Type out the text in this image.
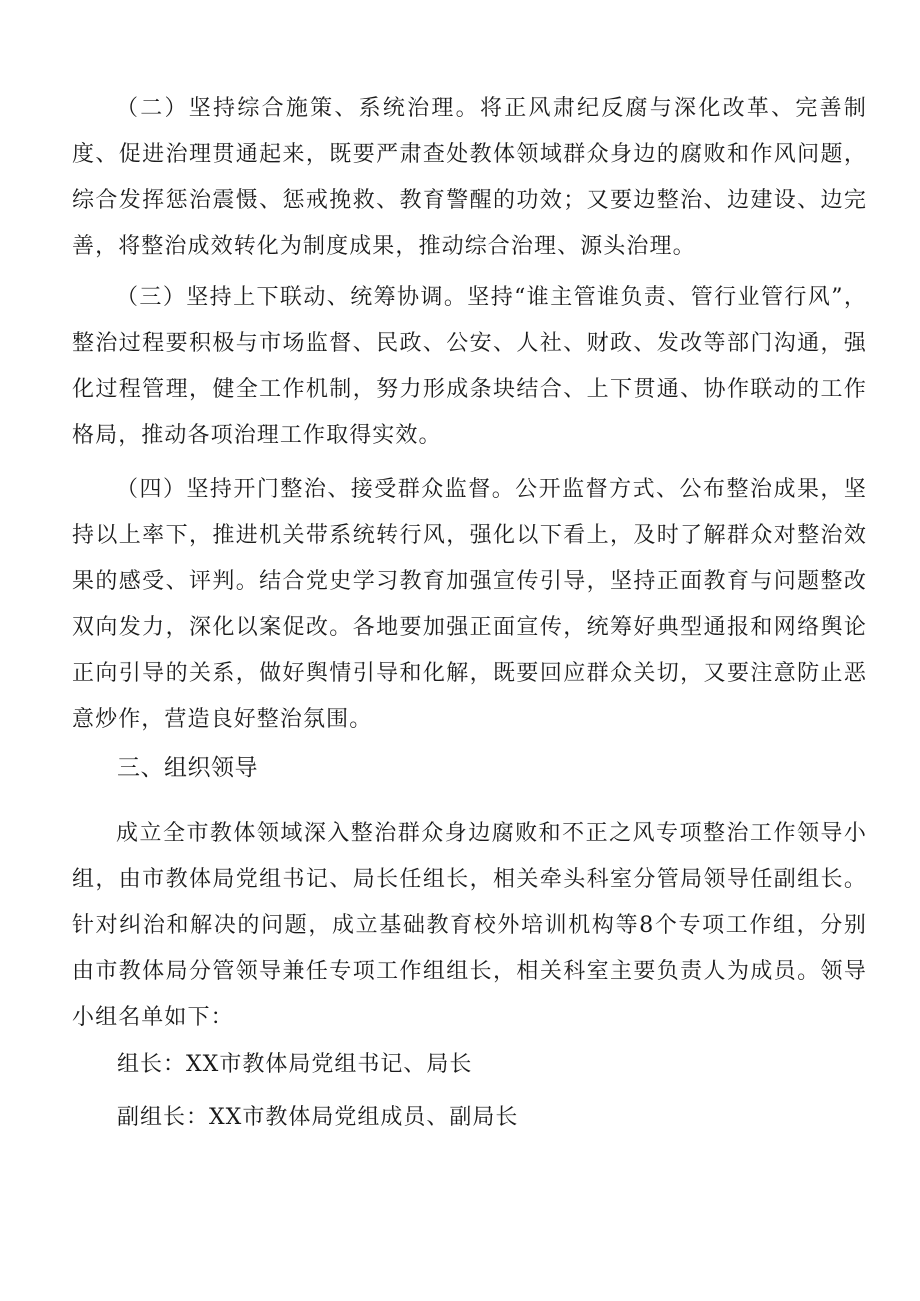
（二）坚持综合施策、系统治理。将正风肃纪反腐与深化改革、完善制度、促进治理贯通起来，既要严肃查处教体领域群众身边的腐败和作风问题，综合发挥惩治震慑、惩戒挽救、教育警醒的功效；又要边整治、边建设、边完善，将整治成效转化为制度成果，推动综合治理、源头治理。

（三）坚持上下联动、统筹协调。坚持“谁主管谁负责、管行业管行风”，整治过程要积极与市场监督、民政、公安、人社、财政、发改等部门沟通，强化过程管理，健全工作机制，努力形成条块结合、上下贯通、协作联动的工作格局，推动各项治理工作取得实效。

（四）坚持开门整治、接受群众监督。公开监督方式、公布整治成果，坚持以上率下，推进机关带系统转行风，强化以下看上，及时了解群众对整治效果的感受、评判。结合党史学习教育加强宣传引导，坚持正面教育与问题整改双向发力，深化以案促改。各地要加强正面宣传，统筹好典型通报和网络舆论正向引导的关系，做好舆情引导和化解，既要回应群众关切，又要注意防止恶意炒作，营造良好整治氛围。

三、组织领导

成立全市教体领域深入整治群众身边腐败和不正之风专项整治工作领导小组，由市教体局党组书记、局长任组长，相关牵头科室分管局领导任副组长。针对纠治和解决的问题，成立基础教育校外培训机构等8个专项工作组，分别由市教体局分管领导兼任专项工作组组长，相关科室主要负责人为成员。领导小组名单如下：

组长：XX市教体局党组书记、局长

副组长：XX市教体局党组成员、副局长
